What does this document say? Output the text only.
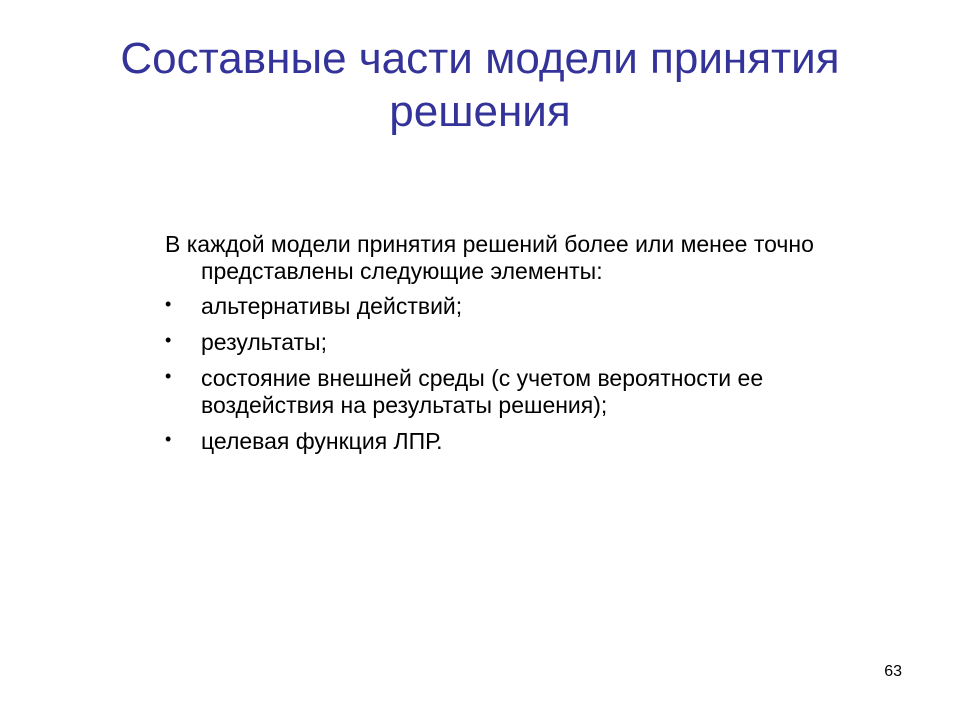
Составные части модели принятия решения

В каждой модели принятия решений более или менее точно представлены следующие элементы:

• альтернативы действий;
• результаты;
• состояние внешней среды (с учетом вероятности ее воздействия на результаты решения);
• целевая функция ЛПР.
63
